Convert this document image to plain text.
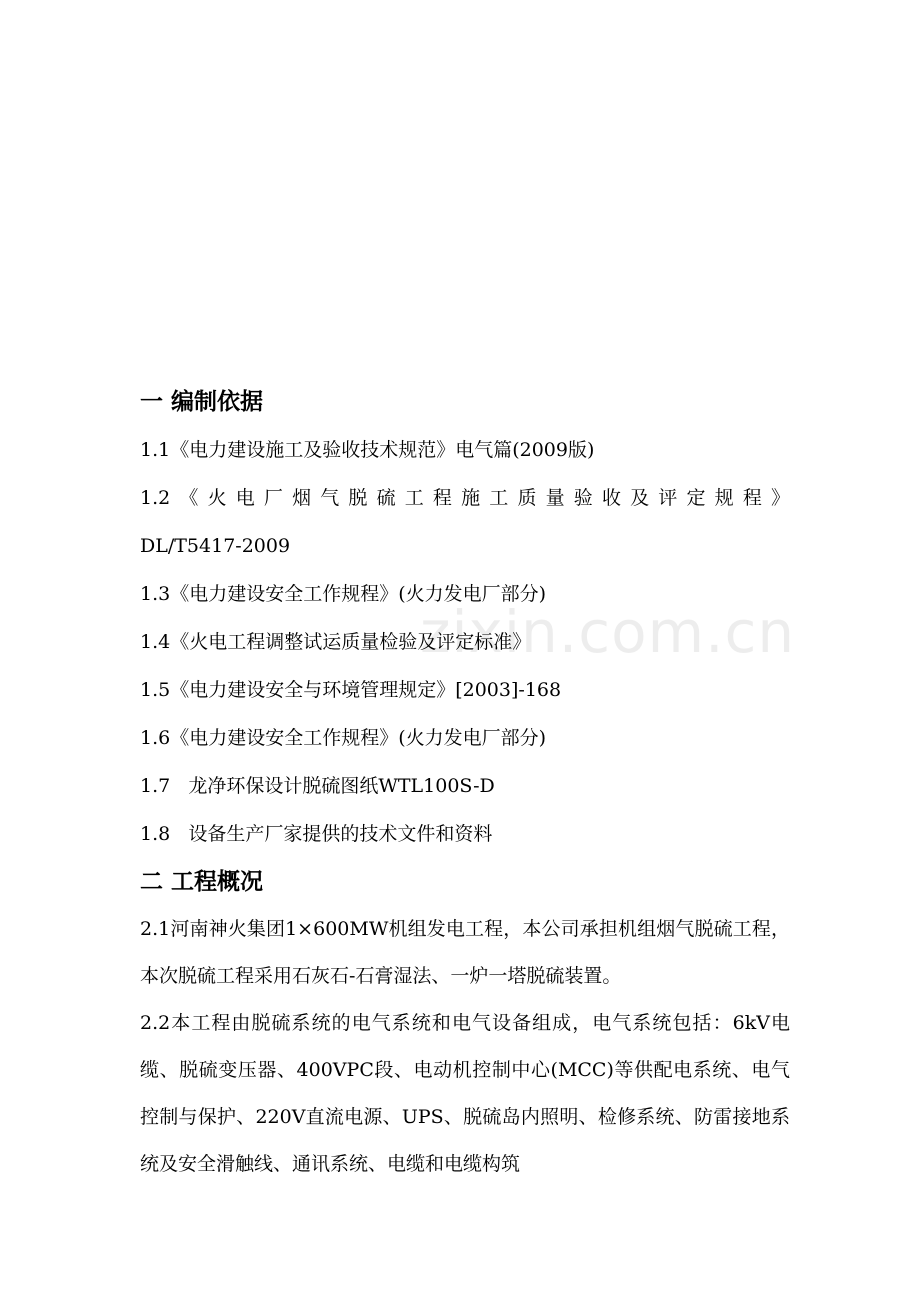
zixin.com.cn
一 编制依据
1.1《电力建设施工及验收技术规范》电气篇(2009版)
1.2《火电厂烟气脱硫工程施工质量验收及评定规程》
DL/T5417-2009
1.3《电力建设安全工作规程》(火力发电厂部分)
1.4《火电工程调整试运质量检验及评定标准》
1.5《电力建设安全与环境管理规定》[2003]-168
1.6《电力建设安全工作规程》(火力发电厂部分)
1.7   龙净环保设计脱硫图纸WTL100S-D
1.8   设备生产厂家提供的技术文件和资料
二 工程概况
2.1河南神火集团1×600MW机组发电工程，本公司承担机组烟气脱硫工程，本次脱硫工程采用石灰石-石膏湿法、一炉一塔脱硫装置。
2.2本工程由脱硫系统的电气系统和电气设备组成，电气系统包括：6kV电缆、脱硫变压器、400VPC段、电动机控制中心(MCC)等供配电系统、电气控制与保护、220V直流电源、UPS、脱硫岛内照明、检修系统、防雷接地系统及安全滑触线、通讯系统、电缆和电缆构筑
